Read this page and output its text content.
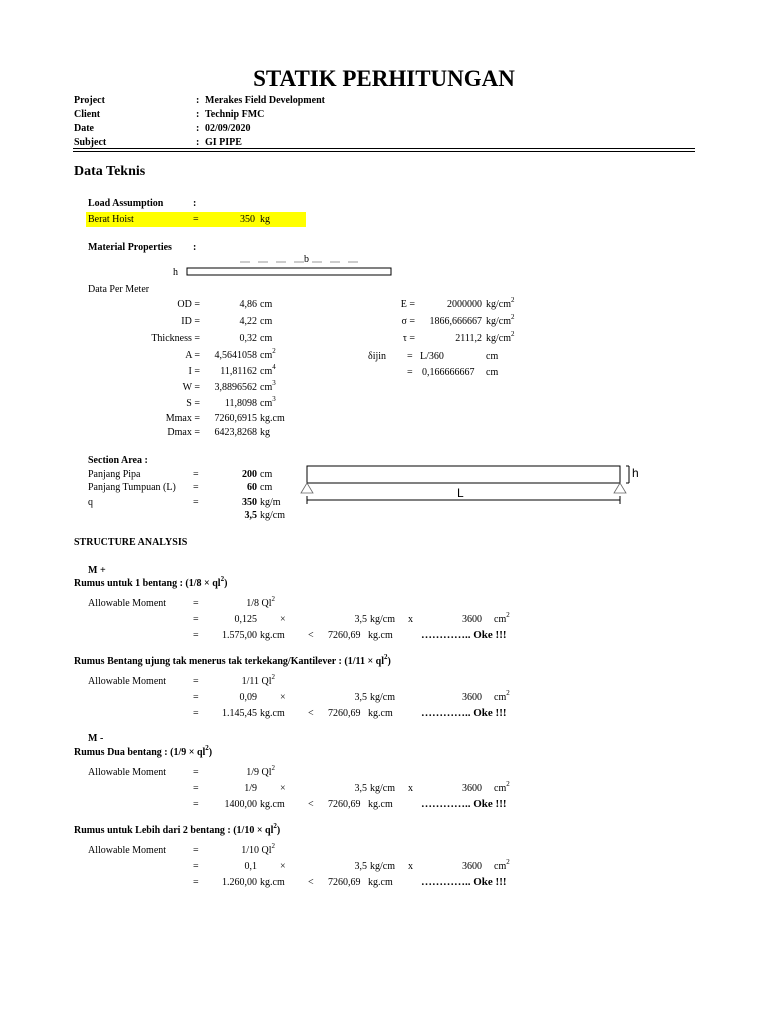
STATIK PERHITUNGAN
Project	: Merakes Field Development
Client	: Technip FMC
Date	: 02/09/2020
Subject	: GI PIPE
Data Teknis
Load Assumption	:
Berat Hoist	=	350 kg
Material Properties :
b
h
Data Per Meter
OD =	4,86 cm
ID =	4,22 cm
Thickness =	0,32 cm
A =	4,5641058 $cm^2$
I =	11,81162 $cm^4$
W =	3,8896562 $cm^3$
S =	11,8098 $cm^3$
Mmax =	7260,6915 kg.cm
Dmax =	6423,8268 kg
E =	2000000 $kg/cm^2$
σ =	1866,666667 $kg/cm^2$
τ =	2111,2 $kg/cm^2$
δijin = L/360	cm
= 0,166666667 cm
Section Area :
Panjang Pipa	=	200 cm
Panjang Tumpuan (L) =	60 cm
q	=	350 kg/m
3,5 kg/cm
h
L
STRUCTURE ANALYSIS
M +
M -
Rumus untuk 1 bentang : $(1/8 \times ql^2)$
Allowable Moment	=	1/8 $Ql^2$
=	0,125 ×	3,5 kg/cm x	3600 $cm^2$
=	1.575,00 kg.cm < 7260,69 kg.cm	………….. Oke !!!
Rumus Bentang ujung tak menerus tak terkekang/Kantilever : $(1/11 \times ql^2)$
Allowable Moment	=	1/11 $Ql^2$
=	0,09 ×	3,5 kg/cm	3600 $cm^2$
=	1.145,45 kg.cm < 7260,69 kg.cm	………….. Oke !!!
Rumus Dua bentang : $(1/9 \times ql^2)$
Allowable Moment	=	1/9 $Ql^2$
=	1/9 ×	3,5 kg/cm x	3600 $cm^2$
=	1400,00 kg.cm < 7260,69 kg.cm	………….. Oke !!!
Rumus untuk Lebih dari 2 bentang : $(1/10 \times ql^2)$
Allowable Moment	=	1/10 $Ql^2$
=	0,1 ×	3,5 kg/cm x	3600 $cm^2$
=	1.260,00 kg.cm < 7260,69 kg.cm	………….. Oke !!!
